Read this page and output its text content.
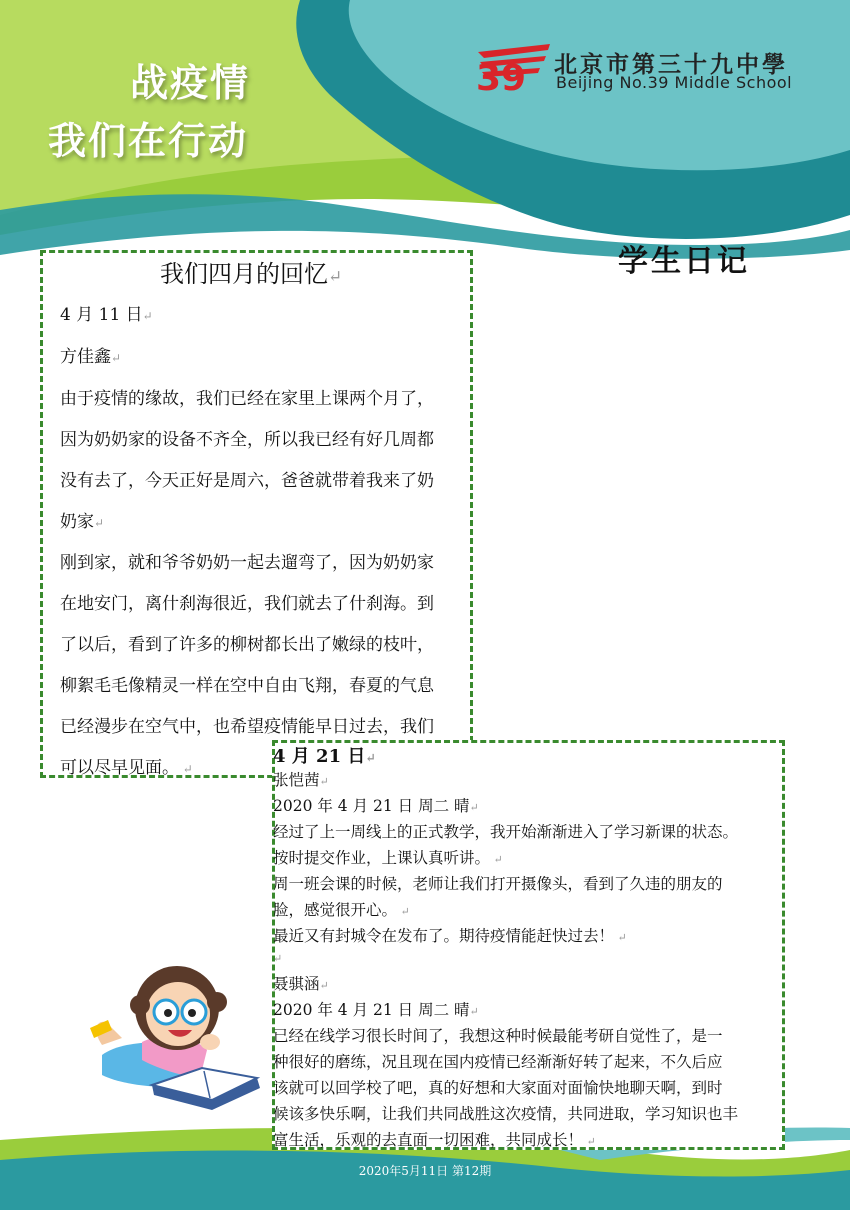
战疫情
我们在行动
39 北京市第三十九中學
Beijing No.39 Middle School
学生日记
我们四月的回忆↵
4 月 11 日↵
方佳鑫↵
由于疫情的缘故，我们已经在家里上课两个月了，
因为奶奶家的设备不齐全，所以我已经有好几周都
没有去了，今天正好是周六，爸爸就带着我来了奶
奶家↵
刚到家，就和爷爷奶奶一起去遛弯了，因为奶奶家
在地安门，离什刹海很近，我们就去了什刹海。到
了以后，看到了许多的柳树都长出了嫩绿的枝叶，
柳絮毛毛像精灵一样在空中自由飞翔，春夏的气息
已经漫步在空气中，也希望疫情能早日过去，我们
可以尽早见面。 ↵
4 月 21 日↵
张恺茜↵
2020 年 4 月 21 日 周二 晴↵
经过了上一周线上的正式教学，我开始渐渐进入了学习新课的状态。
按时提交作业，上课认真听讲。 ↵
周一班会课的时候，老师让我们打开摄像头，看到了久违的朋友的
脸，感觉很开心。 ↵
最近又有封城令在发布了。期待疫情能赶快过去！ ↵
↵
聂骐涵↵
2020 年 4 月 21 日 周二 晴↵
已经在线学习很长时间了，我想这种时候最能考研自觉性了，是一
种很好的磨练，况且现在国内疫情已经渐渐好转了起来，不久后应
该就可以回学校了吧，真的好想和大家面对面愉快地聊天啊，到时
候该多快乐啊，让我们共同战胜这次疫情，共同进取，学习知识也丰
富生活，乐观的去直面一切困难，共同成长！ ↵
2020年5月11日 第12期
